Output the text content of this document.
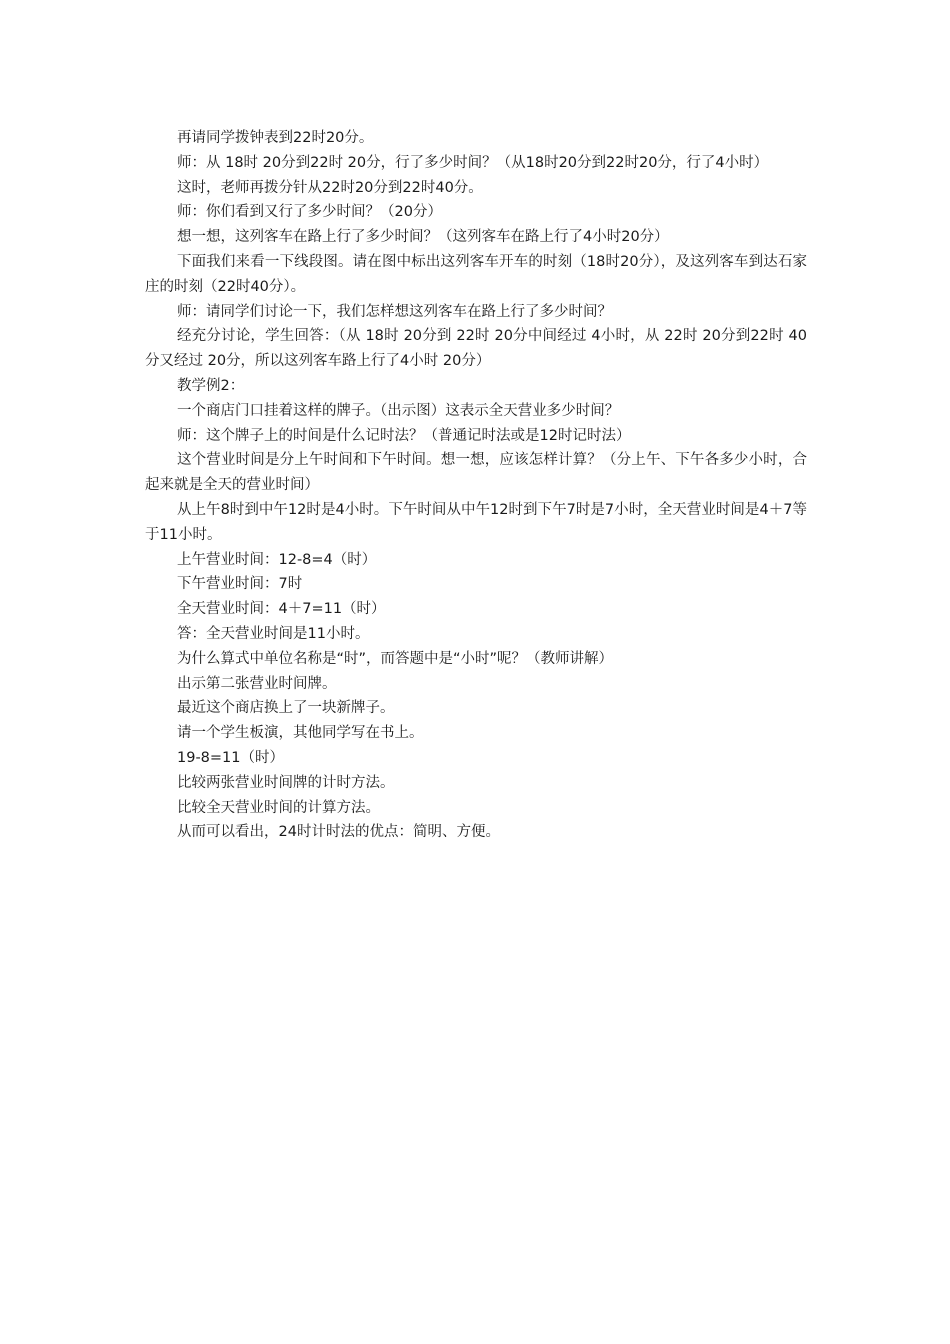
再请同学拨钟表到22时20分。

师：从 18时 20分到22时 20分，行了多少时间？（从18时20分到22时20分，行了4小时）

这时，老师再拨分针从22时20分到22时40分。

师：你们看到又行了多少时间？（20分）

想一想，这列客车在路上行了多少时间？（这列客车在路上行了4小时20分）

下面我们来看一下线段图。请在图中标出这列客车开车的时刻（18时20分），及这列客车到达石家庄的时刻（22时40分）。

师：请同学们讨论一下，我们怎样想这列客车在路上行了多少时间？

经充分讨论，学生回答：（从 18时 20分到 22时 20分中间经过 4小时，从 22时 20分到22时 40分又经过 20分，所以这列客车路上行了4小时 20分）

教学例2：

一个商店门口挂着这样的牌子。（出示图）这表示全天营业多少时间？

师：这个牌子上的时间是什么记时法？（普通记时法或是12时记时法）

这个营业时间是分上午时间和下午时间。想一想，应该怎样计算？（分上午、下午各多少小时，合起来就是全天的营业时间）

从上午8时到中午12时是4小时。下午时间从中午12时到下午7时是7小时，全天营业时间是4＋7等于11小时。

上午营业时间：12-8=4（时）

下午营业时间：7时

全天营业时间：4＋7=11（时）

答：全天营业时间是11小时。

为什么算式中单位名称是“时”，而答题中是“小时”呢？（教师讲解）

出示第二张营业时间牌。

最近这个商店换上了一块新牌子。

请一个学生板演，其他同学写在书上。

19-8=11（时）

比较两张营业时间牌的计时方法。

比较全天营业时间的计算方法。

从而可以看出，24时计时法的优点：简明、方便。
